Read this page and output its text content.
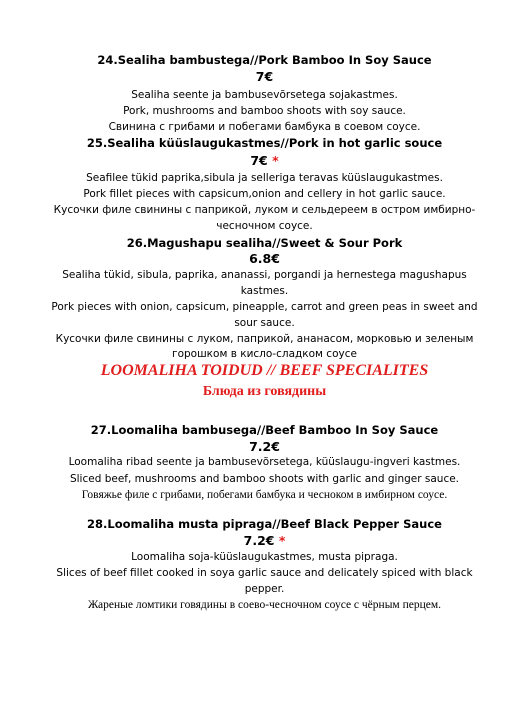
24.Sealiha bambustega//Pork Bamboo In Soy Sauce
7€
Sealiha seente ja bambusevõrsetega sojakastmes.
Pork, mushrooms and bamboo shoots with soy sauce.
Свинина с грибами и побегами бамбука в соевом соусе.
25.Sealiha küüslaugukastmes//Pork in hot garlic souce
7€ *
Seafilee tükid paprika,sibula ja selleriga teravas küüslaugukastmes.
Pork fillet pieces with capsicum,onion and cellery in hot garlic sauce.
Кусочки филе свинины с паприкой, луком и сельдереем в остром имбирно-
чесночном соусе.
26.Magushapu sealiha//Sweet & Sour Pork
6.8€
Sealiha tükid, sibula, paprika, ananassi, porgandi ja hernestega magushapus
kastmes.
Pork pieces with onion, capsicum, pineapple, carrot and green peas in sweet and
sour sauce.
Кусочки филе свинины с луком, паприкой, ананасом, морковью и зеленым
горошком в кисло-сладком соусе
LOOMALIHA TOIDUD // BEEF SPECIALITES
Блюда из говядины
27.Loomaliha bambusega//Beef Bamboo In Soy Sauce
7.2€
Loomaliha ribad seente ja bambusevõrsetega, küüslaugu-ingveri kastmes.
Sliced beef, mushrooms and bamboo shoots with garlic and ginger sauce.
Говяжье филе с грибами, побегами бамбука и чесноком в имбирном соусе.
28.Loomaliha musta pipraga//Beef Black Pepper Sauce
7.2€ *
Loomaliha soja-küüslaugukastmes, musta pipraga.
Slices of beef fillet cooked in soya garlic sauce and delicately spiced with black
pepper.
Жареные ломтики говядины в соево-чесночном соусе с чёрным перцем.
